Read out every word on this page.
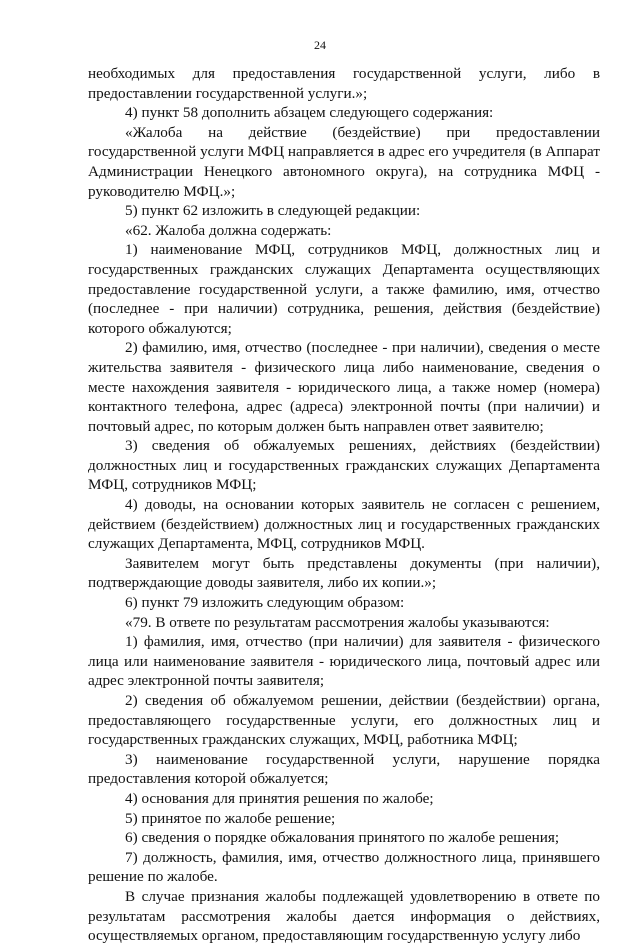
24

необходимых для предоставления государственной услуги, либо в предоставлении государственной услуги.»;

4) пункт 58 дополнить абзацем следующего содержания:

«Жалоба на действие (бездействие) при предоставлении государственной услуги МФЦ направляется в адрес его учредителя (в Аппарат Администрации Ненецкого автономного округа), на сотрудника МФЦ - руководителю МФЦ.»;

5) пункт 62 изложить в следующей редакции:

«62. Жалоба должна содержать:

1) наименование МФЦ, сотрудников МФЦ, должностных лиц и государственных гражданских служащих Департамента осуществляющих предоставление государственной услуги, а также фамилию, имя, отчество (последнее - при наличии) сотрудника, решения, действия (бездействие) которого обжалуются;

2) фамилию, имя, отчество (последнее - при наличии), сведения о месте жительства заявителя - физического лица либо наименование, сведения о месте нахождения заявителя - юридического лица, а также номер (номера) контактного телефона, адрес (адреса) электронной почты (при наличии) и почтовый адрес, по которым должен быть направлен ответ заявителю;

3) сведения об обжалуемых решениях, действиях (бездействии) должностных лиц и государственных гражданских служащих Департамента МФЦ, сотрудников МФЦ;

4) доводы, на основании которых заявитель не согласен с решением, действием (бездействием) должностных лиц и государственных гражданских служащих Департамента, МФЦ, сотрудников МФЦ.

Заявителем могут быть представлены документы (при наличии), подтверждающие доводы заявителя, либо их копии.»;

6) пункт 79 изложить следующим образом:

«79. В ответе по результатам рассмотрения жалобы указываются:

1) фамилия, имя, отчество (при наличии) для заявителя - физического лица или наименование заявителя - юридического лица, почтовый адрес или адрес электронной почты заявителя;

2) сведения об обжалуемом решении, действии (бездействии) органа, предоставляющего государственные услуги, его должностных лиц и государственных гражданских служащих, МФЦ, работника МФЦ;

3) наименование государственной услуги, нарушение порядка предоставления которой обжалуется;

4) основания для принятия решения по жалобе;

5) принятое по жалобе решение;

6) сведения о порядке обжалования принятого по жалобе решения;

7) должность, фамилия, имя, отчество должностного лица, принявшего решение по жалобе.

В случае признания жалобы подлежащей удовлетворению в ответе по результатам рассмотрения жалобы дается информация о действиях, осуществляемых органом, предоставляющим государственную услугу либо
